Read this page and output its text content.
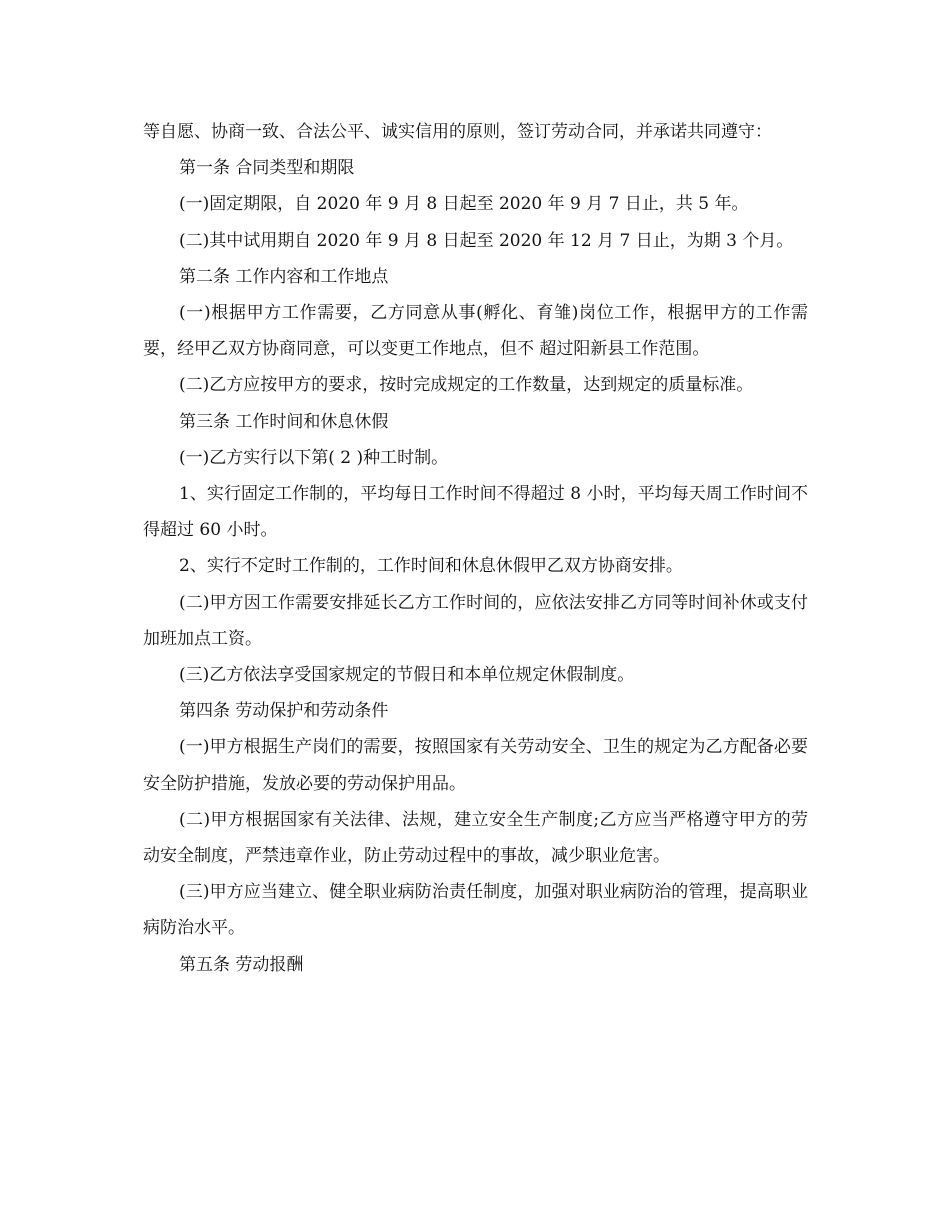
等自愿、协商一致、合法公平、诚实信用的原则，签订劳动合同，并承诺共同遵守：

第一条 合同类型和期限

(一)固定期限，自 2020 年 9 月 8 日起至 2020 年 9 月 7 日止，共 5 年。

(二)其中试用期自 2020 年 9 月 8 日起至 2020 年 12 月 7 日止，为期 3 个月。

第二条 工作内容和工作地点

(一)根据甲方工作需要，乙方同意从事(孵化、育雏)岗位工作，根据甲方的工作需要，经甲乙双方协商同意，可以变更工作地点，但不 超过阳新县工作范围。

(二)乙方应按甲方的要求，按时完成规定的工作数量，达到规定的质量标准。

第三条 工作时间和休息休假

(一)乙方实行以下第( 2 )种工时制。

1、实行固定工作制的，平均每日工作时间不得超过 8 小时，平均每天周工作时间不得超过 60 小时。

2、实行不定时工作制的，工作时间和休息休假甲乙双方协商安排。

(二)甲方因工作需要安排延长乙方工作时间的，应依法安排乙方同等时间补休或支付加班加点工资。

(三)乙方依法享受国家规定的节假日和本单位规定休假制度。

第四条 劳动保护和劳动条件

(一)甲方根据生产岗们的需要，按照国家有关劳动安全、卫生的规定为乙方配备必要安全防护措施，发放必要的劳动保护用品。

(二)甲方根据国家有关法律、法规，建立安全生产制度;乙方应当严格遵守甲方的劳动安全制度，严禁违章作业，防止劳动过程中的事故，减少职业危害。

(三)甲方应当建立、健全职业病防治责任制度，加强对职业病防治的管理，提高职业病防治水平。

第五条 劳动报酬
